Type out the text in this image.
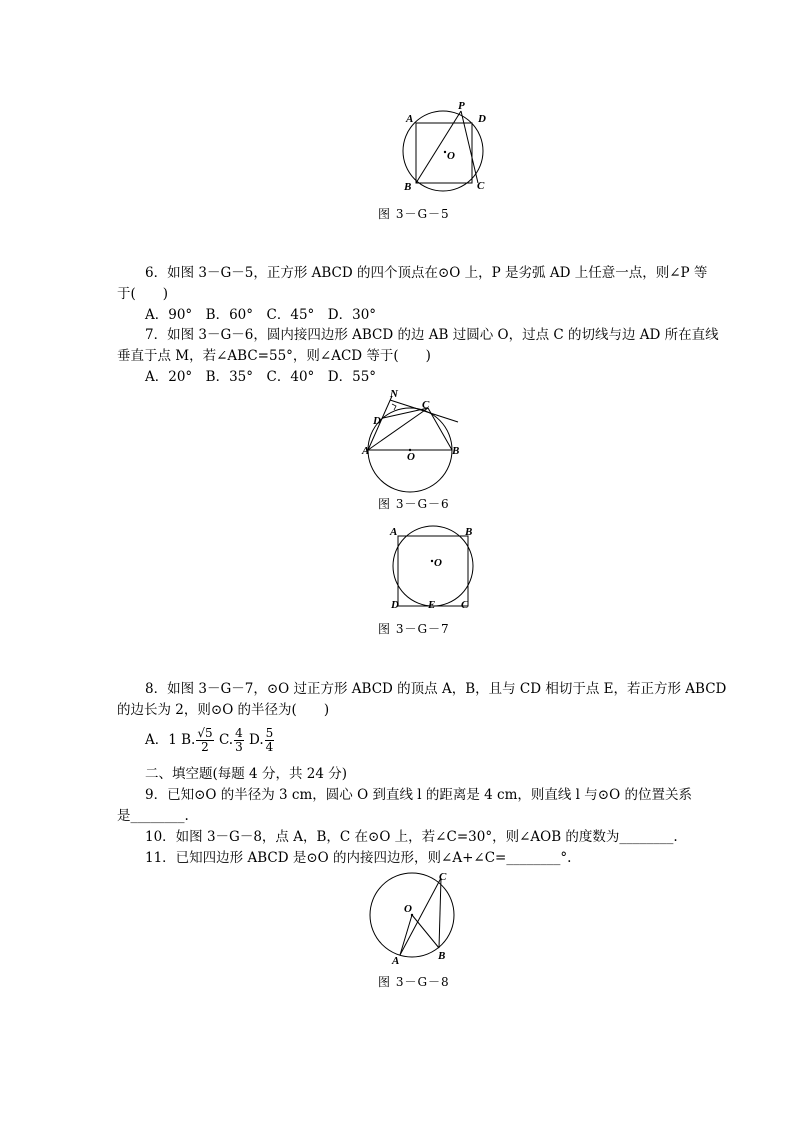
A
B	C
D
P
O
图 3－G－5
6．如图 3－G－5，正方形 ABCD 的四个顶点在⊙O 上，P 是劣弧 AD 上任意一点，则∠P 等
于(　　)
A．90°　B．60°　C．45°　D．30°
7．如图 3－G－6，圆内接四边形 ABCD 的边 AB 过圆心 O，过点 C 的切线与边 AD 所在直线
垂直于点 M，若∠ABC=55°，则∠ACD 等于(　　)
A．20°　B．35°　C．40°　D．55°
N
C
D
A	O	B
图 3－G－6
A	B
O
D	E C
图 3－G－7
8．如图 3－G－7，⊙O 过正方形 ABCD 的顶点 A，B，且与 CD 相切于点 E，若正方形 ABCD
的边长为 2，则⊙O 的半径为(　　)
A．1 B. $\frac{√5}{2} C$. $\frac{4}{3} D$. $\frac{5}{4}$
二、填空题(每题 4 分，共 24 分)
9．已知⊙O 的半径为 3 cm，圆心 O 到直线 l 的距离是 4 cm，则直线 l 与⊙O 的位置关系
是________.
10．如图 3－G－8，点 A，B，C 在⊙O 上，若∠C=30°，则∠AOB 的度数为________.
11．已知四边形 ABCD 是⊙O 的内接四边形，则∠A+∠C=________°.
C
O
A	B
图 3－G－8
